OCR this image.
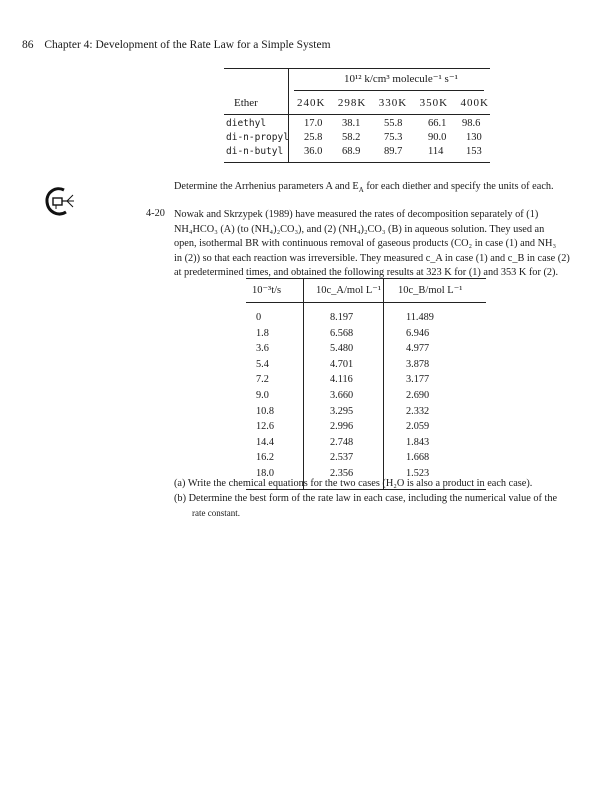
86 Chapter 4: Development of the Rate Law for a Simple System
10¹² k/cm³ molecule⁻¹ s⁻¹
Ether	240K 298K 330K 350K 400K
diethyl	17.0 38.1 55.8 66.1 98.6
di-n-propyl 25.8 58.2 75.3 90.0 130
di-n-butyl 36.0 68.9 89.7 114 153
Determine the Arrhenius parameters A and $E_A$ for each diether and specify the units of each.
4-20 Nowak and Skrzypek (1989) have measured the rates of decomposition separately of (1)
NH₄HCO₃ (A) (to (NH₄)₂CO₃), and (2) (NH₄)₂CO₃ (B) in aqueous solution. They used an
open, isothermal BR with continuous removal of gaseous products (CO₂ in case (1) and NH₃
in (2)) so that each reaction was irreversible. They measured c_A in case (1) and c_B in case (2)
at predetermined times, and obtained the following results at 323 K for (1) and 353 K for (2).
10⁻³t/s	10c_A/mol L⁻¹ 10c_B/mol L⁻¹
0	8.197	11.489
1.8	6.568	6.946
3.6	5.480	4.977
5.4	4.701	3.878
7.2	4.116	3.177
9.0	3.660	2.690
10.8	3.295	2.332
12.6	2.996	2.059
14.4	2.748	1.843
16.2	2.537	1.668
18.0	2.356	1.523
(a) Write the chemical equations for the two cases (H₂O is also a product in each case).
(b) Determine the best form of the rate law in each case, including the numerical value of the
rate constant.
